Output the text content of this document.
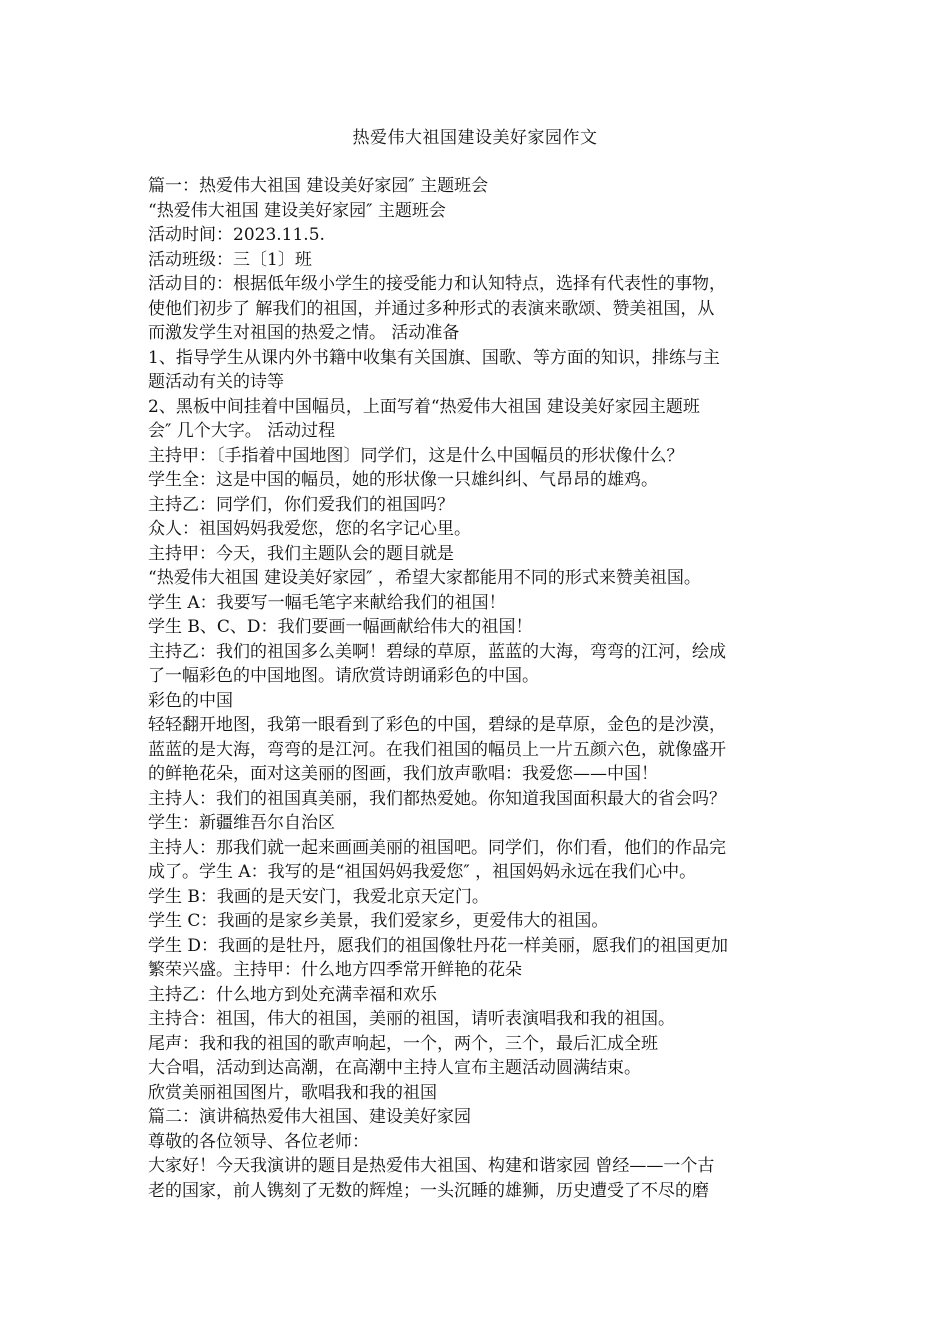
热爱伟大祖国建设美好家园作文
篇一：热爱伟大祖国 建设美好家园″ 主题班会
“热爱伟大祖国 建设美好家园″ 主题班会
活动时间：2023.11.5.
活动班级：三〔1〕班
活动目的：根据低年级小学生的接受能力和认知特点，选择有代表性的事物，
使他们初步了 解我们的祖国，并通过多种形式的表演来歌颂、赞美祖国，从
而激发学生对祖国的热爱之情。 活动准备
1、指导学生从课内外书籍中收集有关国旗、国歌、等方面的知识，排练与主
题活动有关的诗等
2、黑板中间挂着中国幅员，上面写着“热爱伟大祖国 建设美好家园主题班
会″ 几个大字。 活动过程
主持甲：〔手指着中国地图〕同学们，这是什么中国幅员的形状像什么？
学生全：这是中国的幅员，她的形状像一只雄纠纠、气昂昂的雄鸡。
主持乙：同学们，你们爱我们的祖国吗？
众人：祖国妈妈我爱您，您的名字记心里。
主持甲：今天，我们主题队会的题目就是
“热爱伟大祖国 建设美好家园″ ，希望大家都能用不同的形式来赞美祖国。
学生 A：我要写一幅毛笔字来献给我们的祖国！
学生 B、C、D：我们要画一幅画献给伟大的祖国！
主持乙：我们的祖国多么美啊！碧绿的草原，蓝蓝的大海，弯弯的江河，绘成
了一幅彩色的中国地图。请欣赏诗朗诵彩色的中国。
彩色的中国
轻轻翻开地图，我第一眼看到了彩色的中国，碧绿的是草原，金色的是沙漠，
蓝蓝的是大海，弯弯的是江河。在我们祖国的幅员上一片五颜六色，就像盛开
的鲜艳花朵，面对这美丽的图画，我们放声歌唱：我爱您——中国！
主持人：我们的祖国真美丽，我们都热爱她。你知道我国面积最大的省会吗？
学生：新疆维吾尔自治区
主持人：那我们就一起来画画美丽的祖国吧。同学们，你们看，他们的作品完
成了。学生 A：我写的是“祖国妈妈我爱您″ ，祖国妈妈永远在我们心中。
学生 B：我画的是天安门，我爱北京天定门。
学生 C：我画的是家乡美景，我们爱家乡，更爱伟大的祖国。
学生 D：我画的是牡丹，愿我们的祖国像牡丹花一样美丽，愿我们的祖国更加
繁荣兴盛。主持甲：什么地方四季常开鲜艳的花朵
主持乙：什么地方到处充满幸福和欢乐
主持合：祖国，伟大的祖国，美丽的祖国，请听表演唱我和我的祖国。
尾声：我和我的祖国的歌声响起，一个，两个，三个，最后汇成全班
大合唱，活动到达高潮，在高潮中主持人宣布主题活动圆满结束。
欣赏美丽祖国图片，歌唱我和我的祖国
篇二：演讲稿热爱伟大祖国、建设美好家园
尊敬的各位领导、各位老师：
大家好！今天我演讲的题目是热爱伟大祖国、构建和谐家园 曾经——一个古
老的国家，前人镌刻了无数的辉煌；一头沉睡的雄狮，历史遭受了不尽的磨
